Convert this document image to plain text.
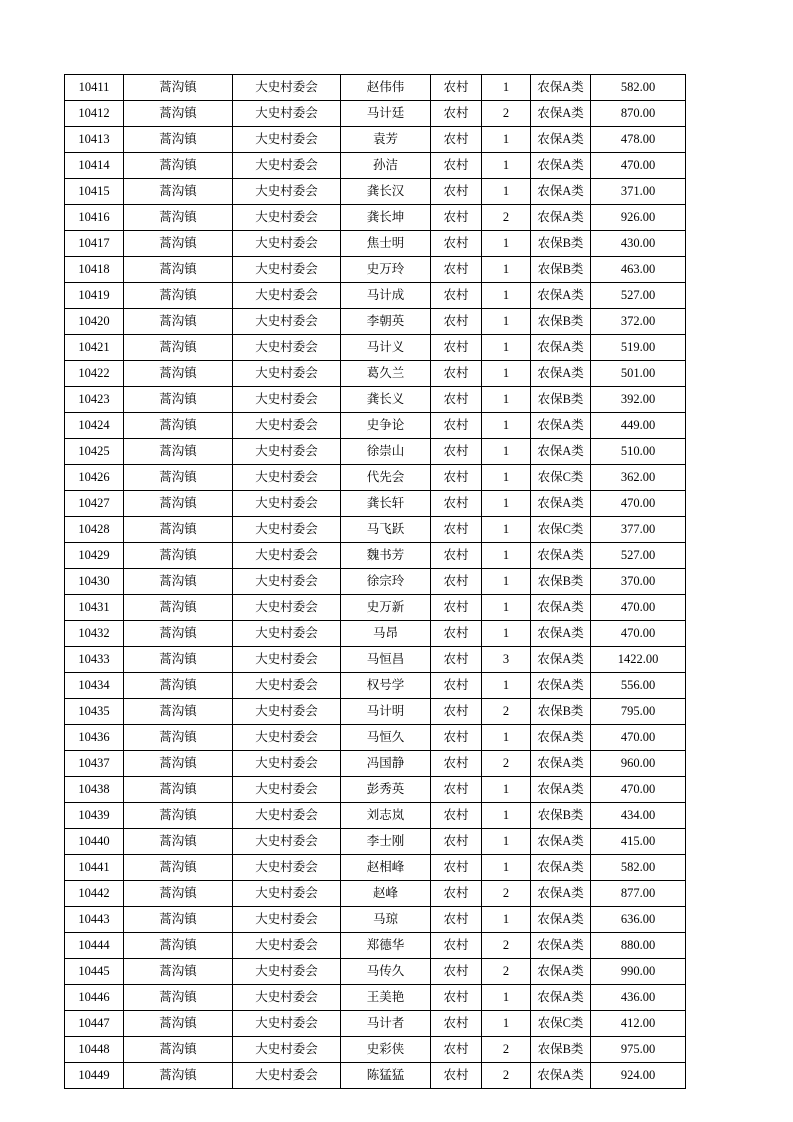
10411	蒿沟镇	大史村委会	赵伟伟	农村	1	农保A类	582.00
10412	蒿沟镇	大史村委会	马计廷	农村	2	农保A类	870.00
10413	蒿沟镇	大史村委会	袁芳	农村	1	农保A类	478.00
10414	蒿沟镇	大史村委会	孙洁	农村	1	农保A类	470.00
10415	蒿沟镇	大史村委会	龚长汉	农村	1	农保A类	371.00
10416	蒿沟镇	大史村委会	龚长坤	农村	2	农保A类	926.00
10417	蒿沟镇	大史村委会	焦士明	农村	1	农保B类	430.00
10418	蒿沟镇	大史村委会	史万玲	农村	1	农保B类	463.00
10419	蒿沟镇	大史村委会	马计成	农村	1	农保A类	527.00
10420	蒿沟镇	大史村委会	李朝英	农村	1	农保B类	372.00
10421	蒿沟镇	大史村委会	马计义	农村	1	农保A类	519.00
10422	蒿沟镇	大史村委会	葛久兰	农村	1	农保A类	501.00
10423	蒿沟镇	大史村委会	龚长义	农村	1	农保B类	392.00
10424	蒿沟镇	大史村委会	史争论	农村	1	农保A类	449.00
10425	蒿沟镇	大史村委会	徐崇山	农村	1	农保A类	510.00
10426	蒿沟镇	大史村委会	代先会	农村	1	农保C类	362.00
10427	蒿沟镇	大史村委会	龚长轩	农村	1	农保A类	470.00
10428	蒿沟镇	大史村委会	马飞跃	农村	1	农保C类	377.00
10429	蒿沟镇	大史村委会	魏书芳	农村	1	农保A类	527.00
10430	蒿沟镇	大史村委会	徐宗玲	农村	1	农保B类	370.00
10431	蒿沟镇	大史村委会	史万新	农村	1	农保A类	470.00
10432	蒿沟镇	大史村委会	马昂	农村	1	农保A类	470.00
10433	蒿沟镇	大史村委会	马恒昌	农村	3	农保A类	1422.00
10434	蒿沟镇	大史村委会	权号学	农村	1	农保A类	556.00
10435	蒿沟镇	大史村委会	马计明	农村	2	农保B类	795.00
10436	蒿沟镇	大史村委会	马恒久	农村	1	农保A类	470.00
10437	蒿沟镇	大史村委会	冯国静	农村	2	农保A类	960.00
10438	蒿沟镇	大史村委会	彭秀英	农村	1	农保A类	470.00
10439	蒿沟镇	大史村委会	刘志岚	农村	1	农保B类	434.00
10440	蒿沟镇	大史村委会	李士刚	农村	1	农保A类	415.00
10441	蒿沟镇	大史村委会	赵相峰	农村	1	农保A类	582.00
10442	蒿沟镇	大史村委会	赵峰	农村	2	农保A类	877.00
10443	蒿沟镇	大史村委会	马琼	农村	1	农保A类	636.00
10444	蒿沟镇	大史村委会	郑德华	农村	2	农保A类	880.00
10445	蒿沟镇	大史村委会	马传久	农村	2	农保A类	990.00
10446	蒿沟镇	大史村委会	王美艳	农村	1	农保A类	436.00
10447	蒿沟镇	大史村委会	马计者	农村	1	农保C类	412.00
10448	蒿沟镇	大史村委会	史彩侠	农村	2	农保B类	975.00
10449	蒿沟镇	大史村委会	陈猛猛	农村	2	农保A类	924.00
